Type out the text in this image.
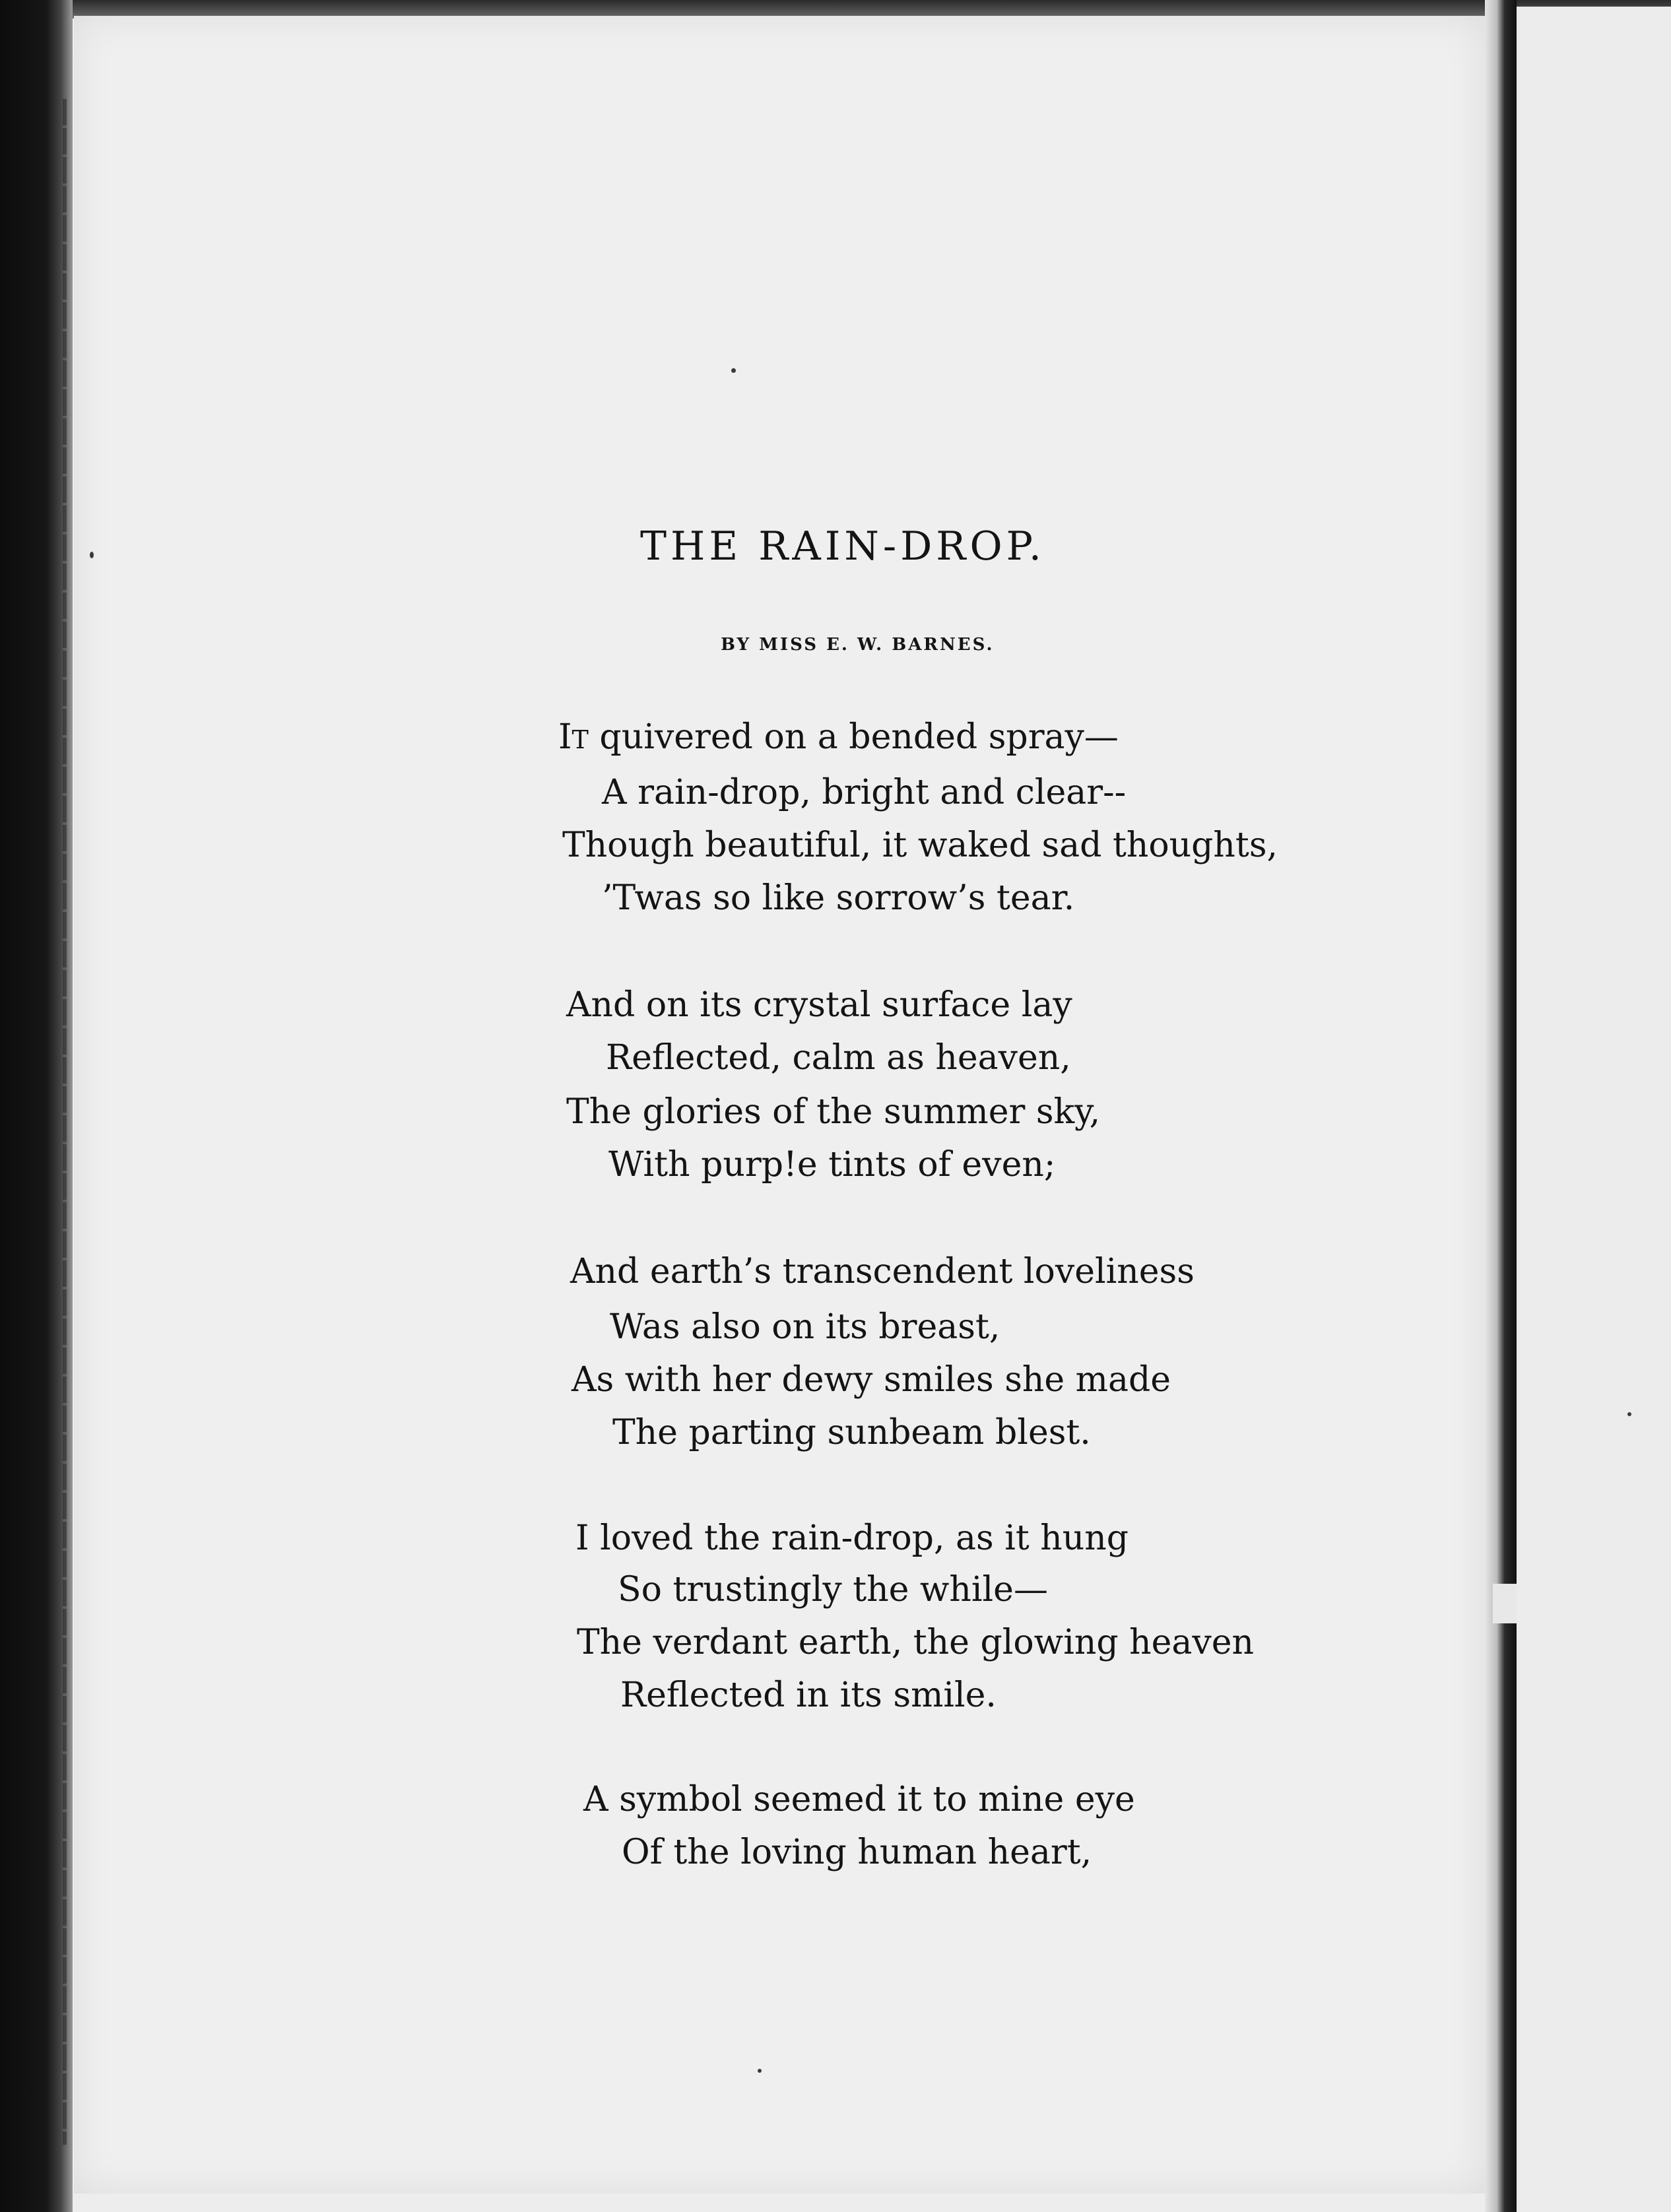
THE RAIN-DROP.
BY MISS E. W. BARNES.
IT quivered on a bended spray—
A rain-drop, bright and clear--
Though beautiful, it waked sad thoughts,
’Twas so like sorrow’s tear.
And on its crystal surface lay
Reflected, calm as heaven,
The glories of the summer sky,
With purp!e tints of even;
And earth’s transcendent loveliness
Was also on its breast,
As with her dewy smiles she made
The parting sunbeam blest.
I loved the rain-drop, as it hung
So trustingly the while—
The verdant earth, the glowing heaven
Reflected in its smile.
A symbol seemed it to mine eye
Of the loving human heart,
